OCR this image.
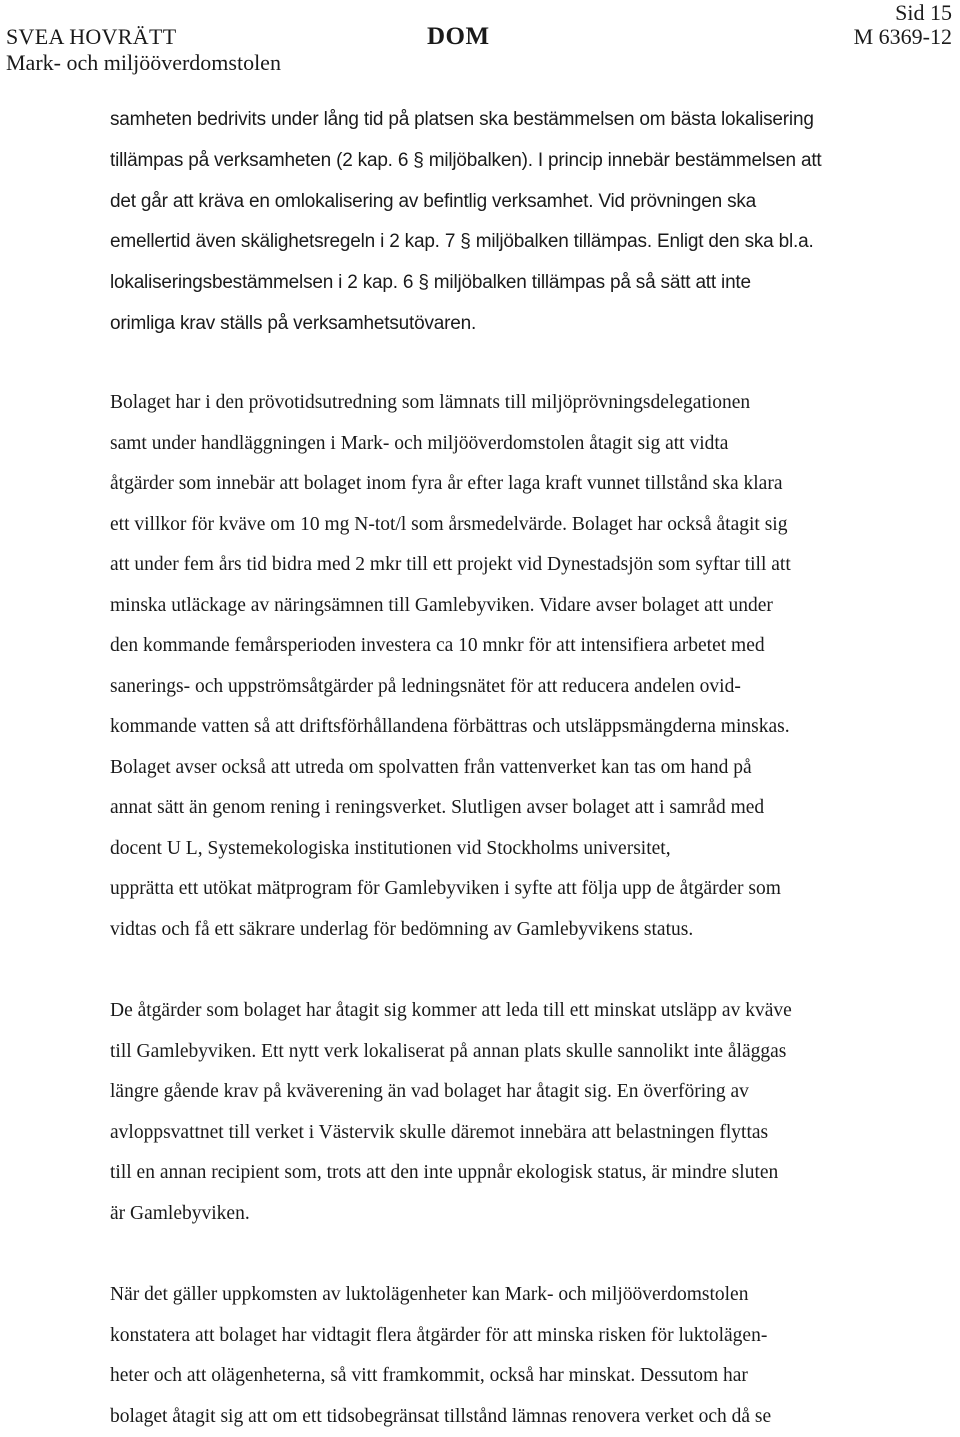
SVEA HOVRÄTT

Mark- och miljööverdomstolen

DOM

Sid 15

M 6369-12

samheten bedrivits under lång tid på platsen ska bestämmelsen om bästa lokalisering
tillämpas på verksamheten (2 kap. 6 § miljöbalken). I princip innebär bestämmelsen att
det går att kräva en omlokalisering av befintlig verksamhet. Vid prövningen ska
emellertid även skälighetsregeln i 2 kap. 7 § miljöbalken tillämpas. Enligt den ska bl.a.
lokaliseringsbestämmelsen i 2 kap. 6 § miljöbalken tillämpas på så sätt att inte
orimliga krav ställs på verksamhetsutövaren.
Bolaget har i den prövotidsutredning som lämnats till miljöprövningsdelegationen
samt under handläggningen i Mark- och miljööverdomstolen åtagit sig att vidta
åtgärder som innebär att bolaget inom fyra år efter laga kraft vunnet tillstånd ska klara
ett villkor för kväve om 10 mg N-tot/l som årsmedelvärde. Bolaget har också åtagit sig
att under fem års tid bidra med 2 mkr till ett projekt vid Dynestadsjön som syftar till att
minska utläckage av näringsämnen till Gamlebyviken. Vidare avser bolaget att under
den kommande femårsperioden investera ca 10 mnkr för att intensifiera arbetet med
sanerings- och uppströmsåtgärder på ledningsnätet för att reducera andelen ovid-
kommande vatten så att driftsförhållandena förbättras och utsläppsmängderna minskas.
Bolaget avser också att utreda om spolvatten från vattenverket kan tas om hand på
annat sätt än genom rening i reningsverket. Slutligen avser bolaget att i samråd med
docent U L, Systemekologiska institutionen vid Stockholms universitet,
upprätta ett utökat mätprogram för Gamlebyviken i syfte att följa upp de åtgärder som
vidtas och få ett säkrare underlag för bedömning av Gamlebyvikens status.
De åtgärder som bolaget har åtagit sig kommer att leda till ett minskat utsläpp av kväve
till Gamlebyviken. Ett nytt verk lokaliserat på annan plats skulle sannolikt inte åläggas
längre gående krav på kväverening än vad bolaget har åtagit sig. En överföring av
avloppsvattnet till verket i Västervik skulle däremot innebära att belastningen flyttas
till en annan recipient som, trots att den inte uppnår ekologisk status, är mindre sluten
är Gamlebyviken.
När det gäller uppkomsten av luktolägenheter kan Mark- och miljööverdomstolen
konstatera att bolaget har vidtagit flera åtgärder för att minska risken för luktolägen-
heter och att olägenheterna, så vitt framkommit, också har minskat. Dessutom har
bolaget åtagit sig att om ett tidsobegränsat tillstånd lämnas renovera verket och då se
